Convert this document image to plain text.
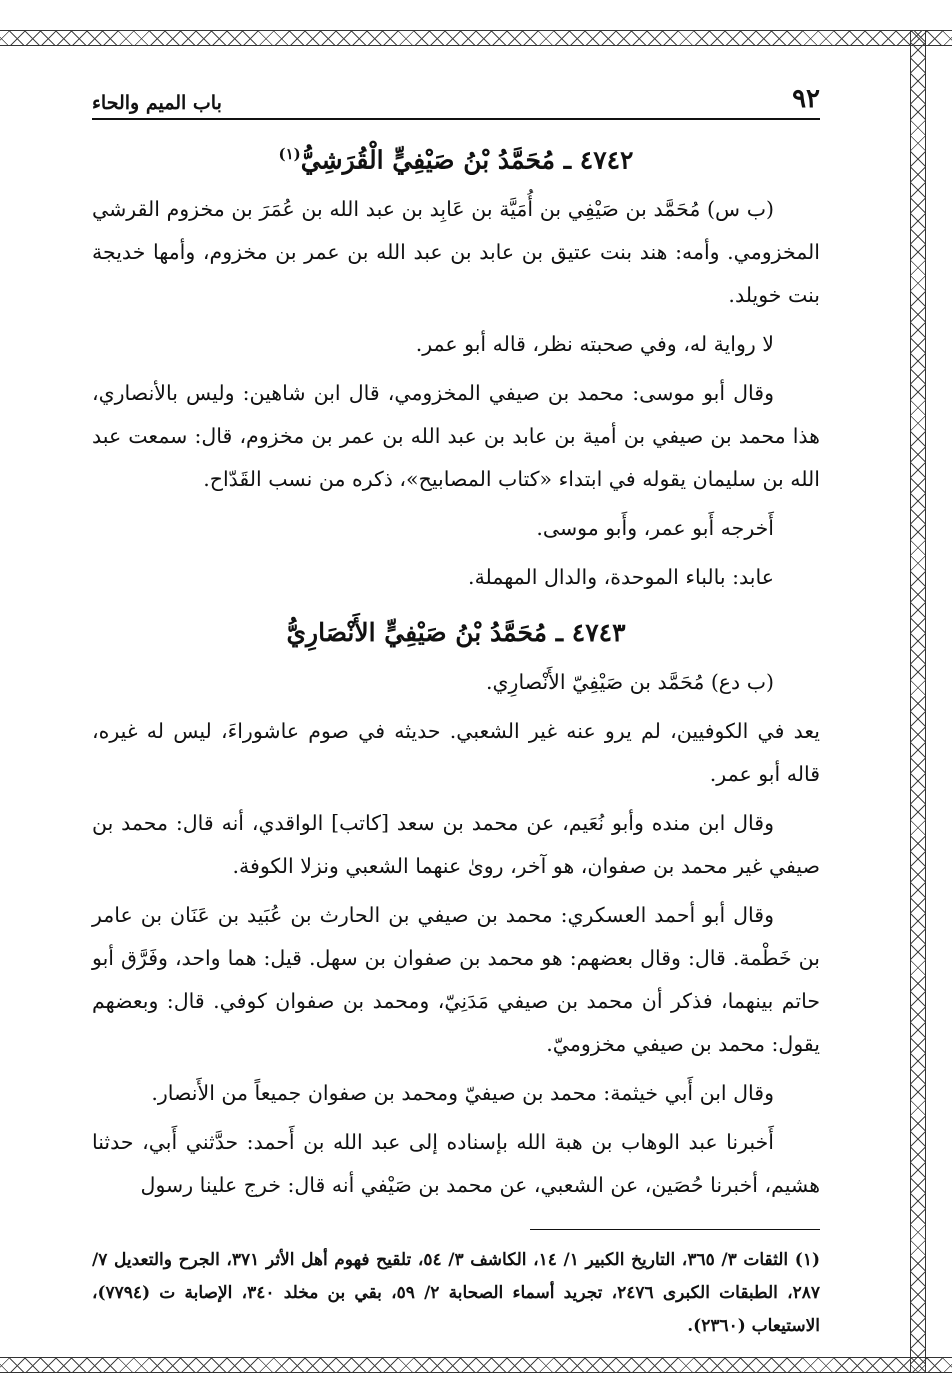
٩٢
باب الميم والحاء
٤٧٤٢ ـ مُحَمَّدُ بْنُ صَيْفِيٍّ الْقُرَشِيُّ$^{(١)}$

(ب س) مُحَمَّد بن صَيْفِي بن أُمَيَّة بن عَابِد بن عبد الله بن عُمَرَ بن مخزوم القرشي المخزومي. وأمه: هند بنت عتيق بن عابد بن عبد الله بن عمر بن مخزوم، وأمها خديجة بنت خويلد.

لا رواية له، وفي صحبته نظر، قاله أبو عمر.

وقال أبو موسى: محمد بن صيفي المخزومي، قال ابن شاهين: وليس بالأنصاري، هذا محمد بن صيفي بن أمية بن عابد بن عبد الله بن عمر بن مخزوم، قال: سمعت عبد الله بن سليمان يقوله في ابتداء «كتاب المصابيح»، ذكره من نسب القَدّاح.

أَخرجه أَبو عمر، وأَبو موسى.

عابد: بالباء الموحدة، والدال المهملة.

٤٧٤٣ ـ مُحَمَّدُ بْنُ صَيْفِيٍّ الأَنْصَارِيُّ

(ب دع) مُحَمَّد بن صَيْفِيّ الأَنْصارِي.

يعد في الكوفيين، لم يرو عنه غير الشعبي. حديثه في صوم عاشوراءَ، ليس له غيره، قاله أبو عمر.

وقال ابن منده وأبو نُعَيم، عن محمد بن سعد [كاتب] الواقدي، أنه قال: محمد بن صيفي غير محمد بن صفوان، هو آخر، روىٰ عنهما الشعبي ونزلا الكوفة.

وقال أبو أحمد العسكري: محمد بن صيفي بن الحارث بن عُبَيد بن عَنَان بن عامر بن خَطْمة. قال: وقال بعضهم: هو محمد بن صفوان بن سهل. قيل: هما واحد، وفَرَّق أبو حاتم بينهما، فذكر أن محمد بن صيفي مَدَنِيّ، ومحمد بن صفوان كوفي. قال: وبعضهم يقول: محمد بن صيفي مخزوميّ.

وقال ابن أَبي خيثمة: محمد بن صيفيّ ومحمد بن صفوان جميعاً من الأَنصار.

أَخبرنا عبد الوهاب بن هبة الله بإسناده إلى عبد الله بن أَحمد: حدَّثني أَبي، حدثنا هشيم، أخبرنا حُصَين، عن الشعبي، عن محمد بن صَيْفي أنه قال: خرج علينا رسول

(١) الثقات ٣/ ٣٦٥، التاريخ الكبير ١/ ١٤، الكاشف ٣/ ٥٤، تلقيح فهوم أهل الأثر ٣٧١، الجرح والتعديل ٧/ ٢٨٧، الطبقات الكبرى ٢٤٧٦، تجريد أسماء الصحابة ٢/ ٥٩، بقي بن مخلد ٣٤٠، الإصابة ت (٧٧٩٤)، الاستيعاب (٢٣٦٠).
